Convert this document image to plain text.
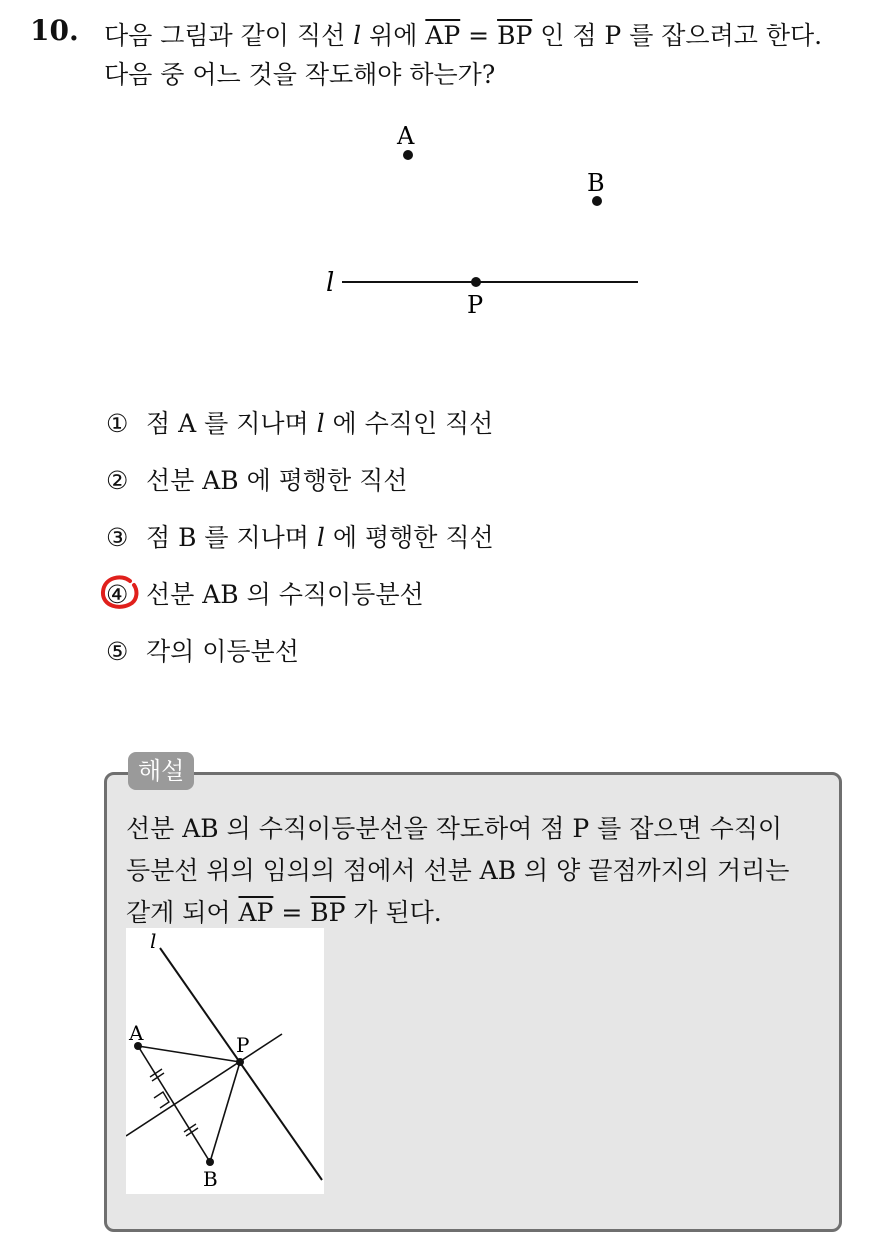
10. 다음 그림과 같이 직선 l 위에 $\overline{AP} = \overline{BP}$ 인 점 P 를 잡으려고 한다.
다음 중 어느 것을 작도해야 하는가?
l
A
B
P
① 점 A 를 지나며 l 에 수직인 직선
② 선분 AB 에 평행한 직선
③ 점 B 를 지나며 l 에 평행한 직선
④ 선분 AB 의 수직이등분선
⑤ 각의 이등분선
해설
선분 AB 의 수직이등분선을 작도하여 점 P 를 잡으면 수직이
등분선 위의 임의의 점에서 선분 AB 의 양 끝점까지의 거리는
같게 되어 $\overline{AP} = \overline{BP}$ 가 된다.
l
A	P
B
